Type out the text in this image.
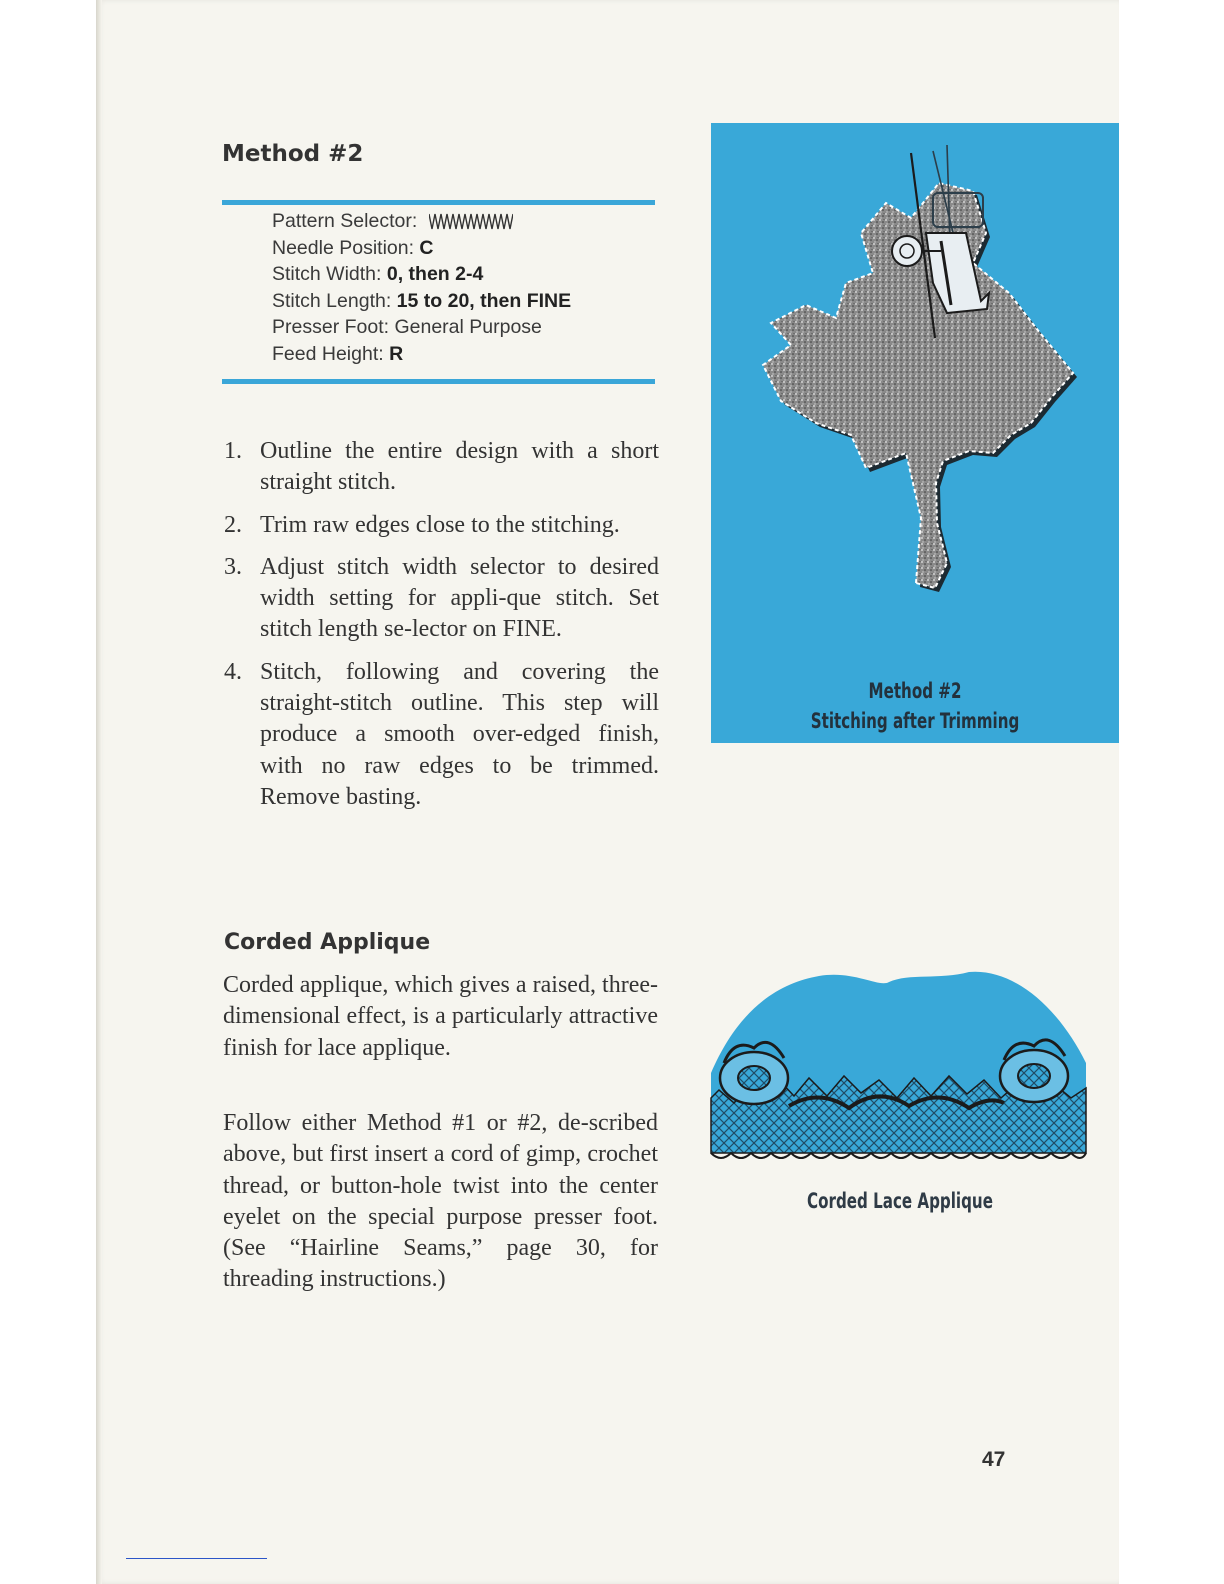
Method #2
Pattern Selector:
Needle Position: C
Stitch Width: 0, then 2-4
Stitch Length: 15 to 20, then FINE
Presser Foot: General Purpose
Feed Height: R
1. Outline the entire design with a short straight stitch.
2. Trim raw edges close to the stitching.
3. Adjust stitch width selector to desired width setting for appli-que stitch. Set stitch length se-lector on FINE.
4. Stitch, following and covering the straight-stitch outline. This step will produce a smooth over-edged finish, with no raw edges to be trimmed. Remove basting.
Corded Applique

Corded applique, which gives a raised, three-dimensional effect, is a particularly attractive finish for lace applique.

Follow either Method #1 or #2, de-scribed above, but first insert a cord of gimp, crochet thread, or button-hole twist into the center eyelet on the special purpose presser foot. (See “Hairline Seams,” page 30, for threading instructions.)

Method #2
Stitching after Trimming
Corded Lace Applique
47
